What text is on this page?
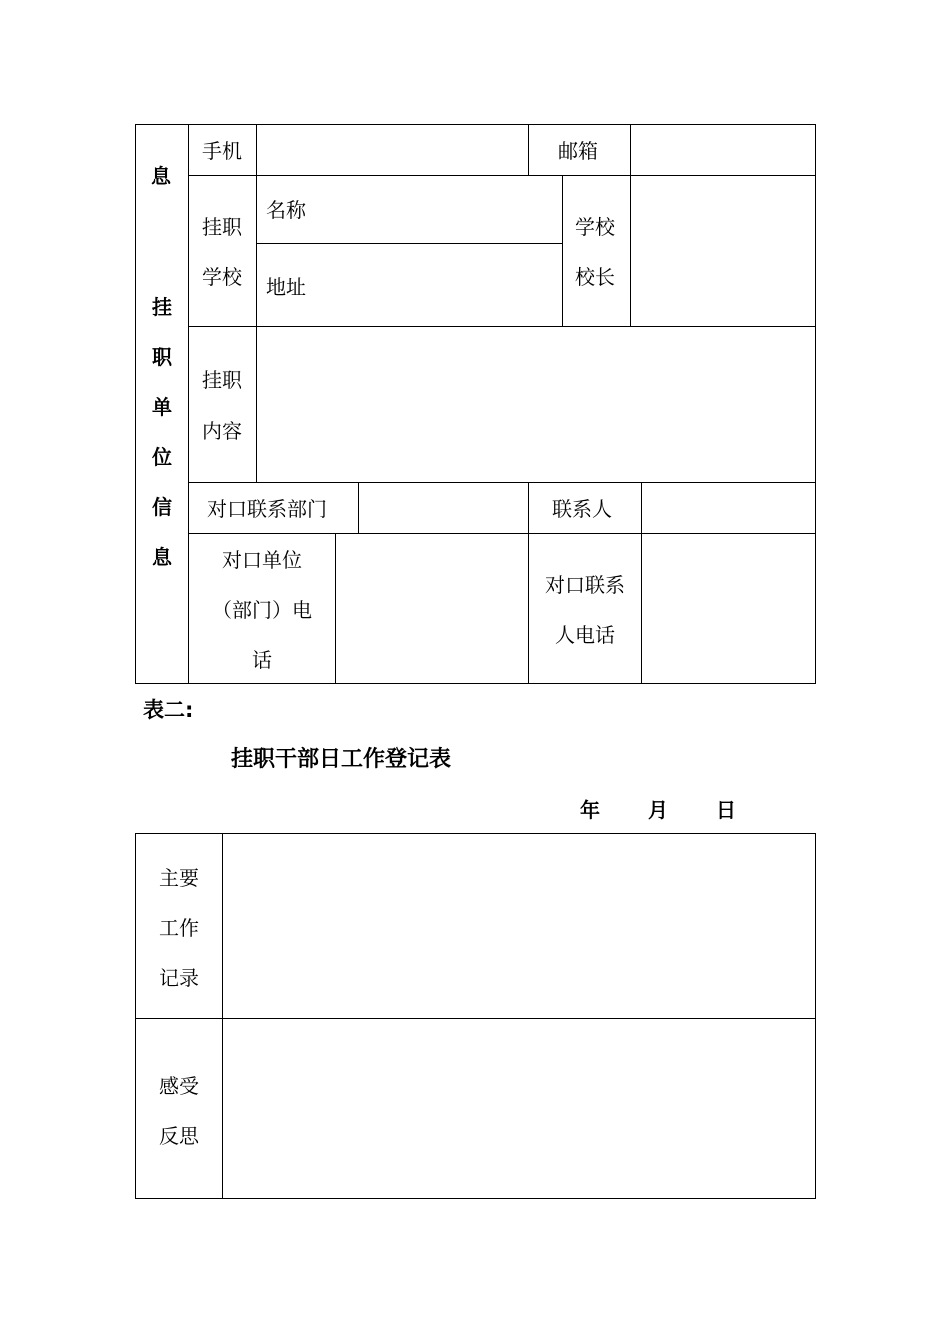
息
挂
职
单
位
信
息
手机	邮箱
挂职
学校
名称
地址
学校
校长
挂职
内容
对口联系部门	联系人
对口单位
（部门）电
话
对口联系
人电话
表二:
挂职干部日工作登记表
年 月 日
主要
工作
记录
感受
反思
